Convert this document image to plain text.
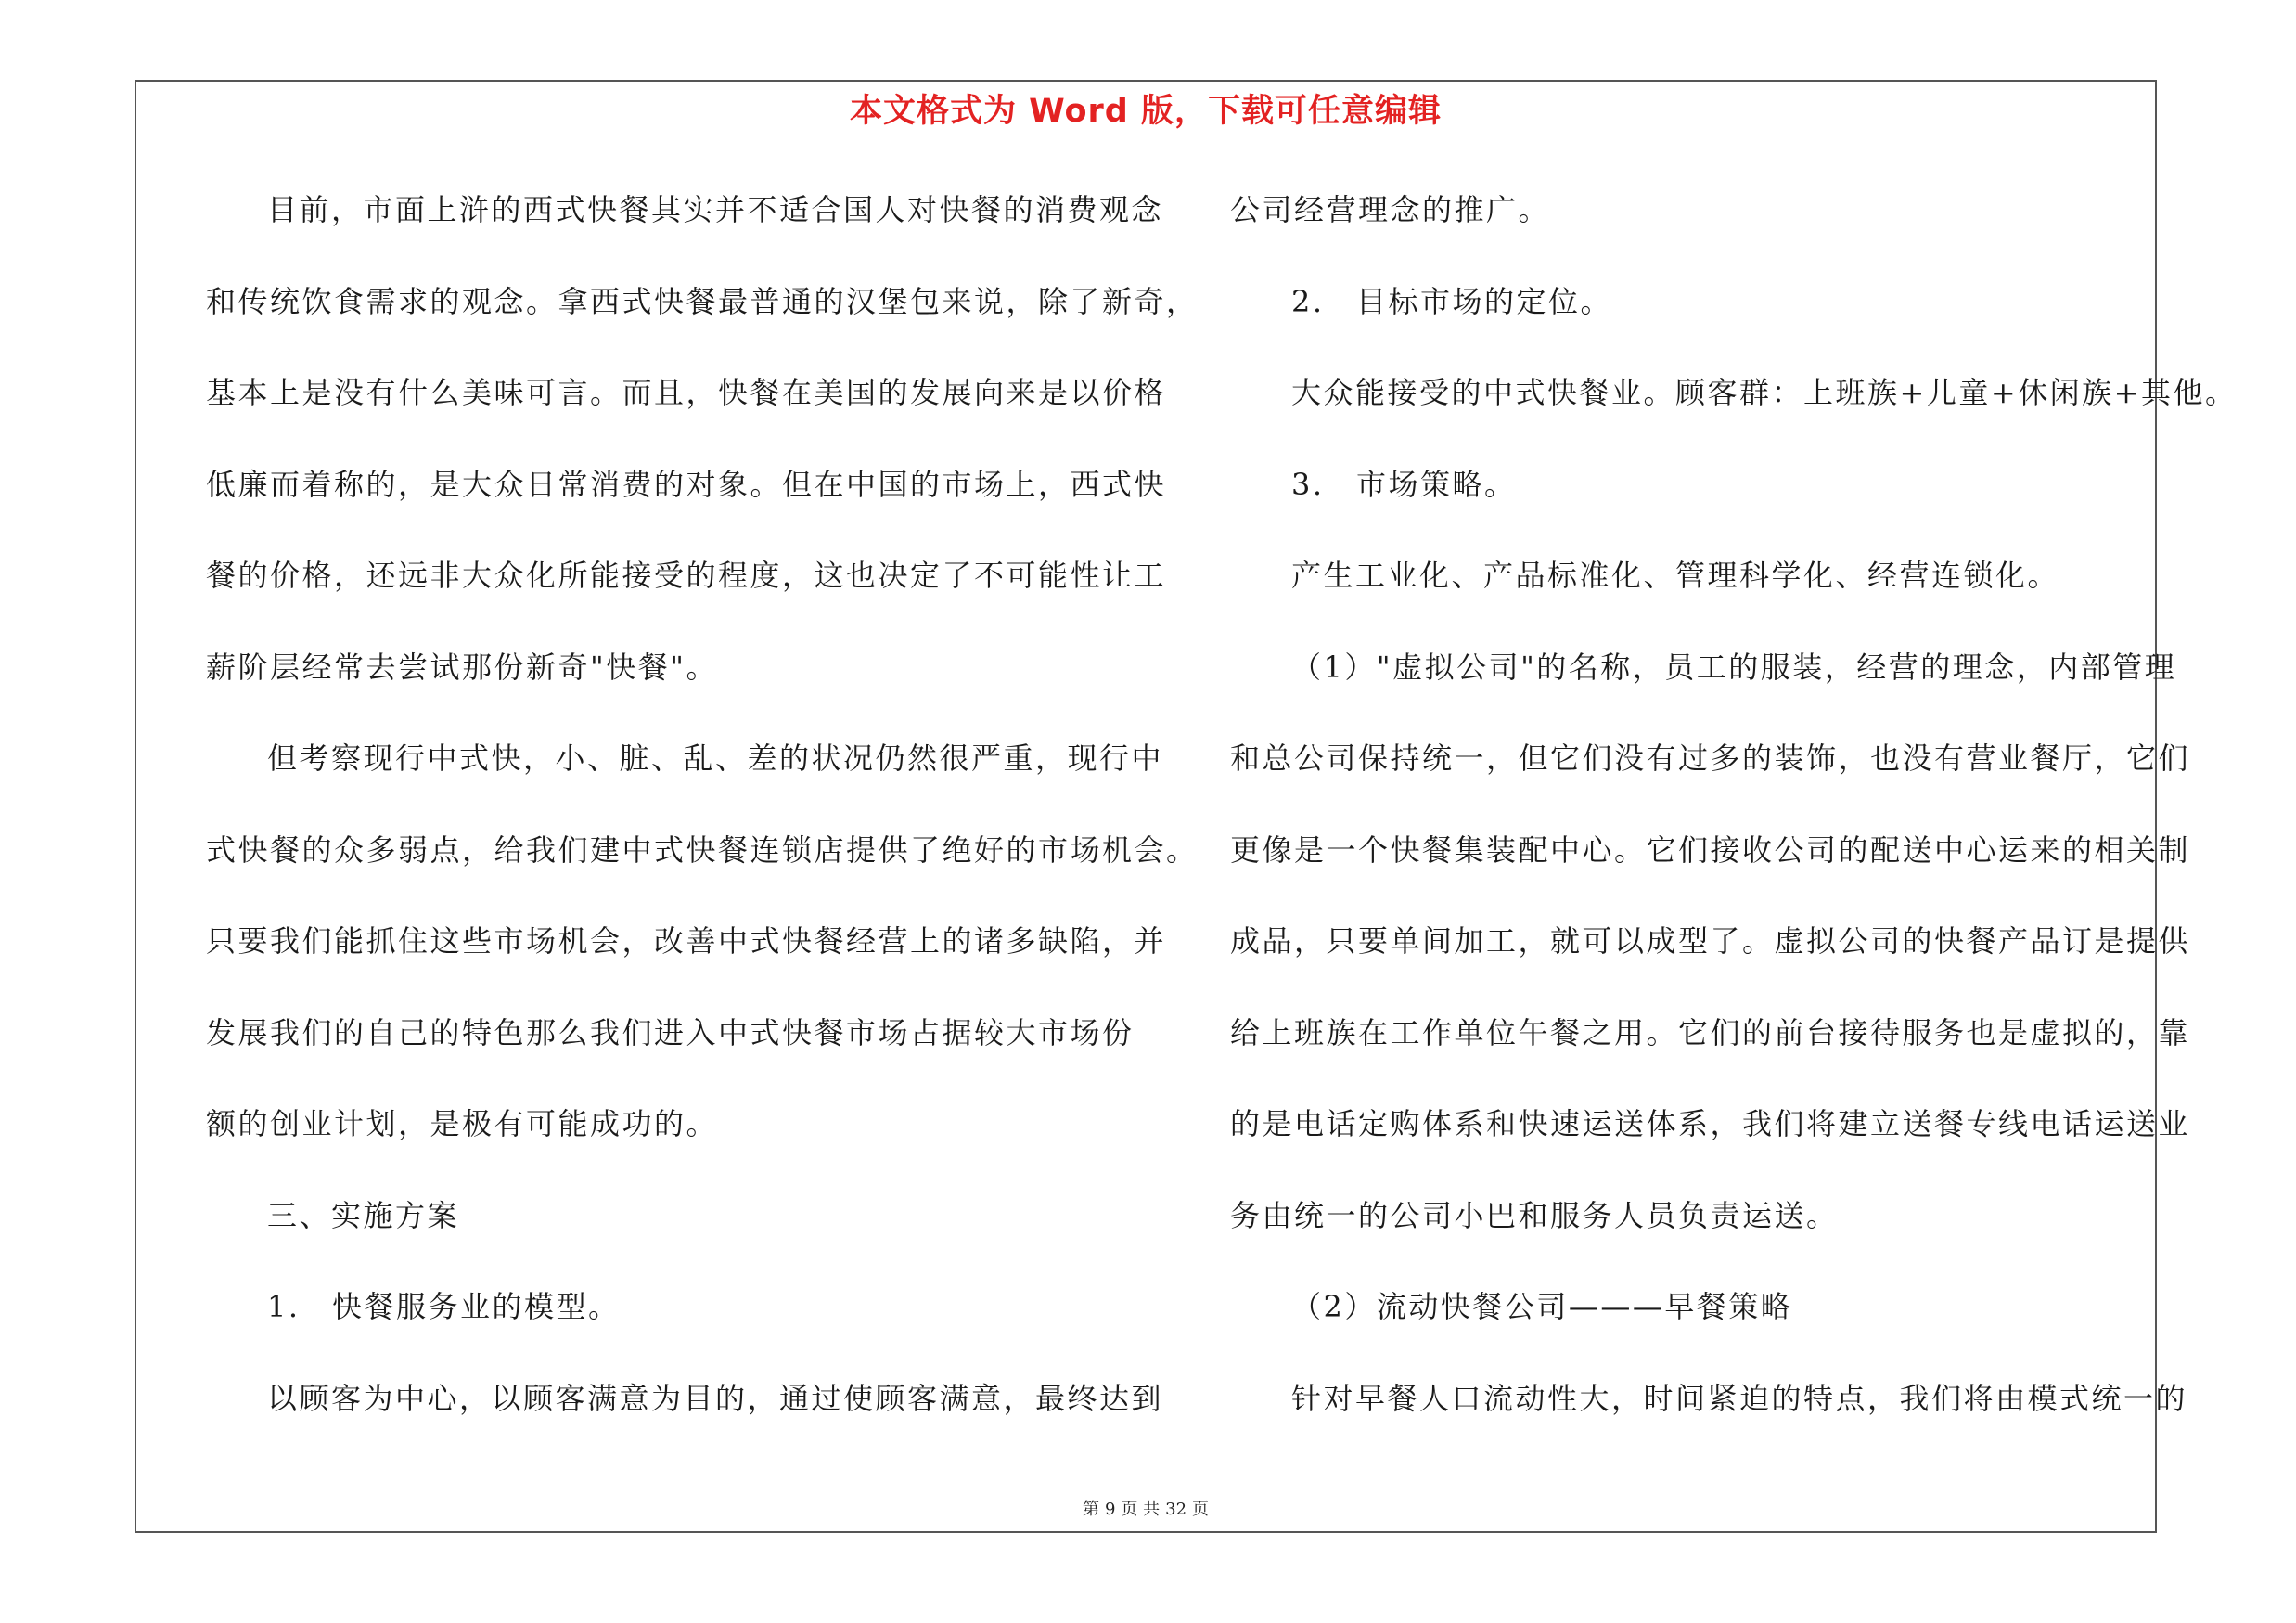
本文格式为 Word 版，下载可任意编辑
目前，市面上浒的西式快餐其实并不适合国人对快餐的消费观念
和传统饮食需求的观念。拿西式快餐最普通的汉堡包来说，除了新奇，
基本上是没有什么美味可言。而且，快餐在美国的发展向来是以价格
低廉而着称的，是大众日常消费的对象。但在中国的市场上，西式快
餐的价格，还远非大众化所能接受的程度，这也决定了不可能性让工
薪阶层经常去尝试那份新奇"快餐"。
但考察现行中式快，小、脏、乱、差的状况仍然很严重，现行中
式快餐的众多弱点，给我们建中式快餐连锁店提供了绝好的市场机会。
只要我们能抓住这些市场机会，改善中式快餐经营上的诸多缺陷，并
发展我们的自己的特色那么我们进入中式快餐市场占据较大市场份
额的创业计划，是极有可能成功的。
三、实施方案
1.　快餐服务业的模型。
以顾客为中心，以顾客满意为目的，通过使顾客满意，最终达到
公司经营理念的推广。
2.　目标市场的定位。
大众能接受的中式快餐业。顾客群：上班族+儿童+休闲族+其他。
3.　市场策略。
产生工业化、产品标准化、管理科学化、经营连锁化。
（1）"虚拟公司"的名称，员工的服装，经营的理念，内部管理
和总公司保持统一，但它们没有过多的装饰，也没有营业餐厅，它们
更像是一个快餐集装配中心。它们接收公司的配送中心运来的相关制
成品，只要单间加工，就可以成型了。虚拟公司的快餐产品订是提供
给上班族在工作单位午餐之用。它们的前台接待服务也是虚拟的，靠
的是电话定购体系和快速运送体系，我们将建立送餐专线电话运送业
务由统一的公司小巴和服务人员负责运送。
（2）流动快餐公司———早餐策略
针对早餐人口流动性大，时间紧迫的特点，我们将由模式统一的
第 9 页 共 32 页
